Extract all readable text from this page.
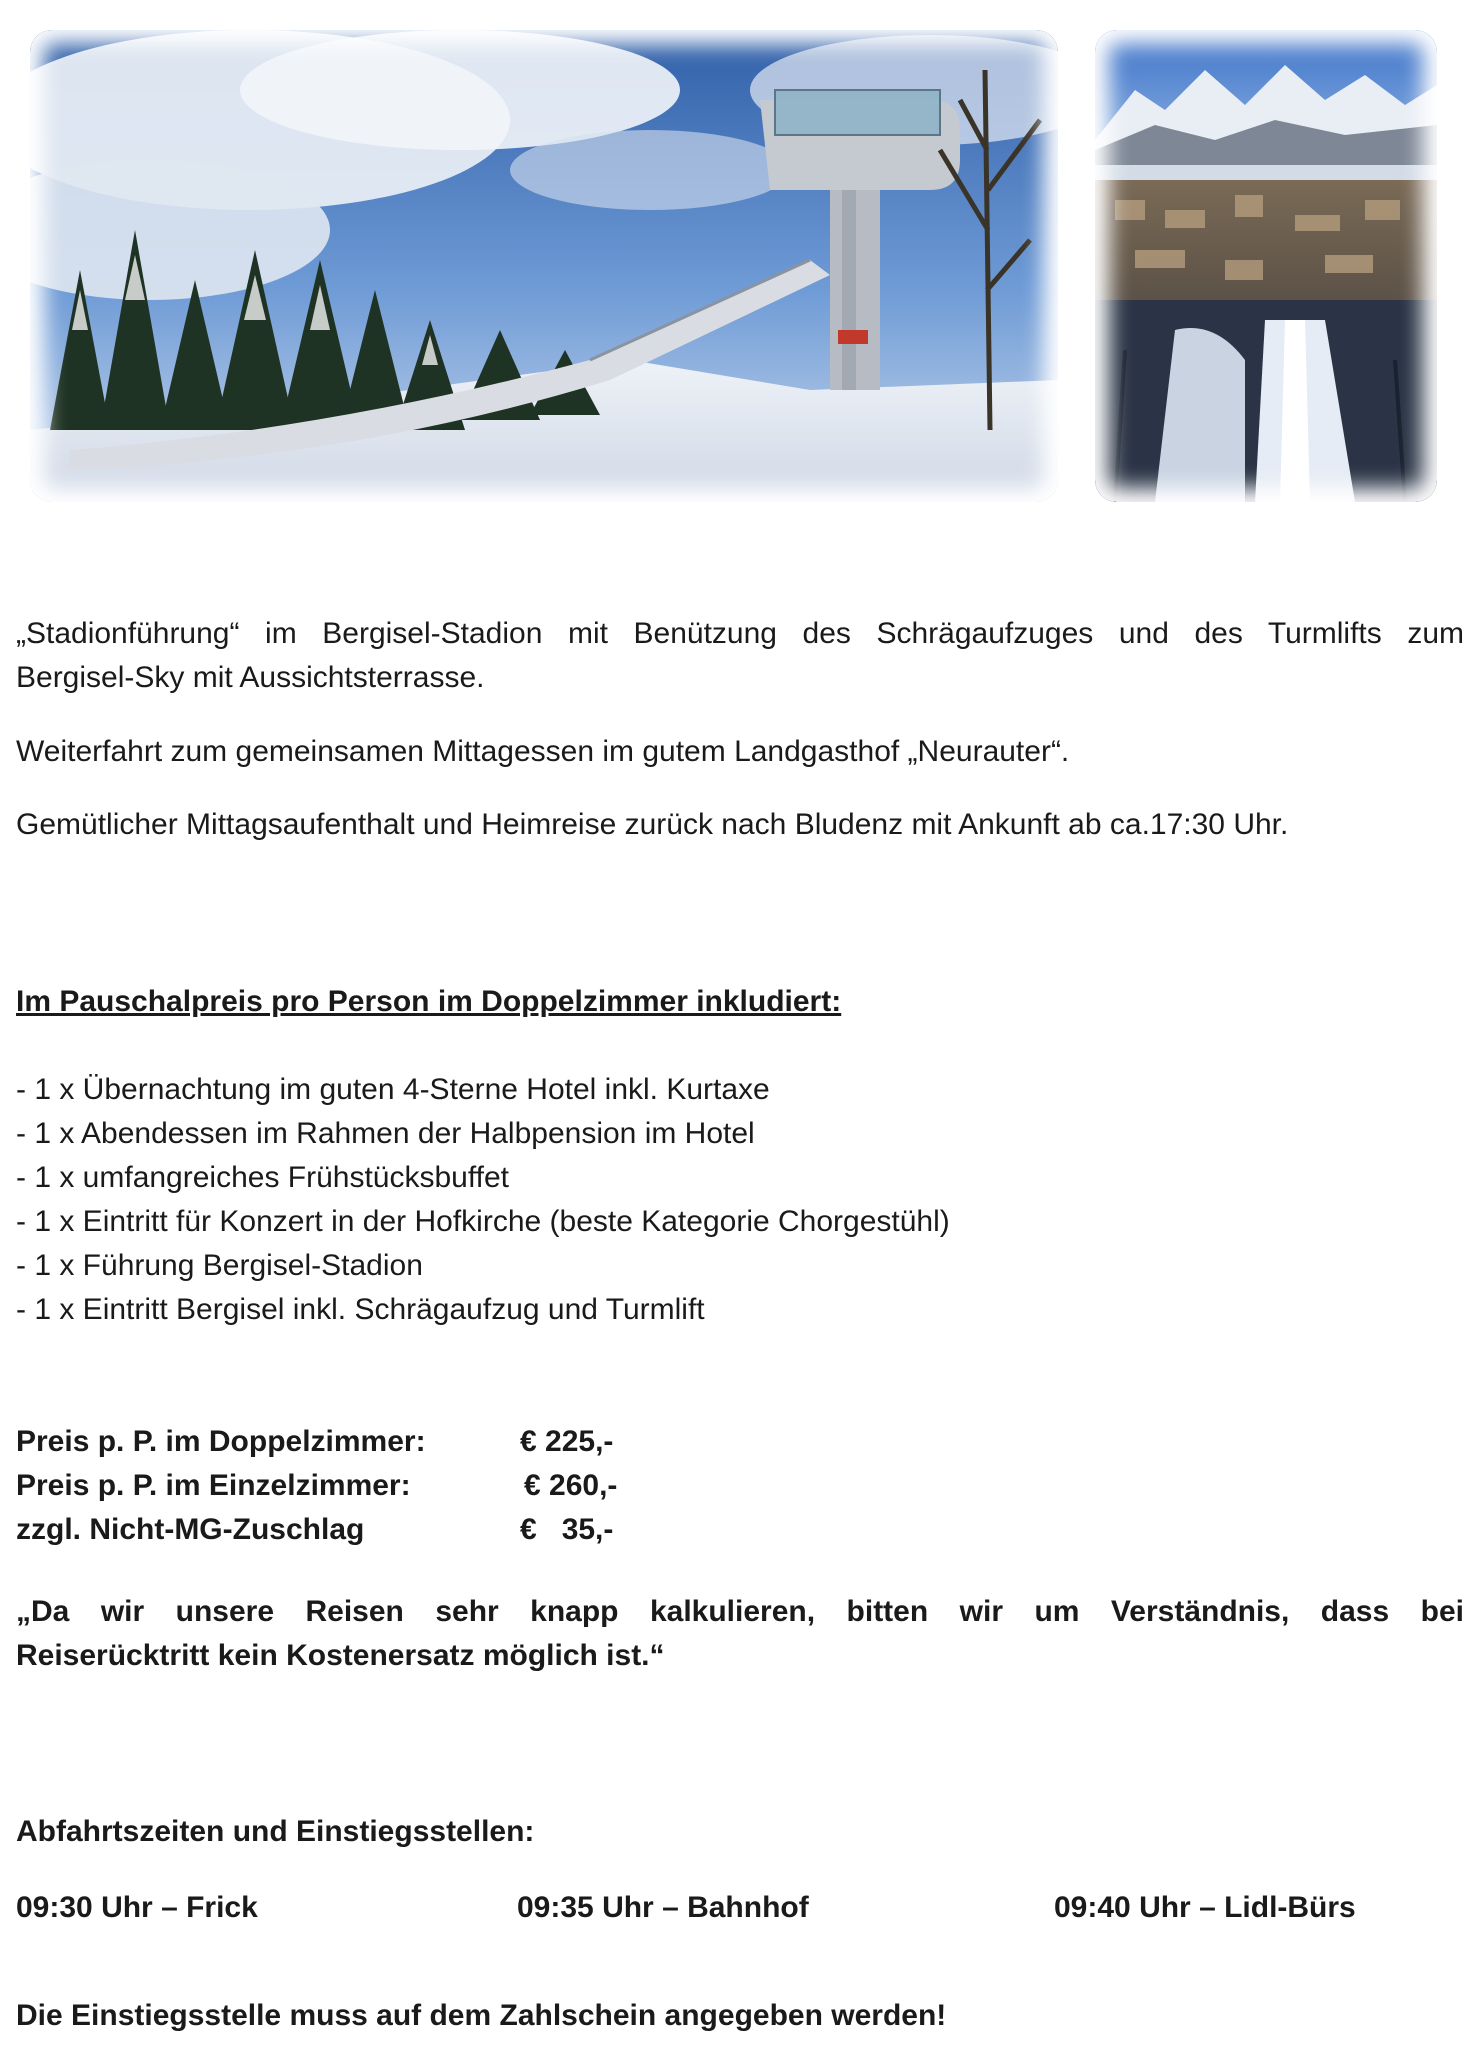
„Stadionführung“ im Bergisel-Stadion mit Benützung des Schrägaufzuges und des Turmlifts zum
Bergisel-Sky mit Aussichtsterrasse.
Weiterfahrt zum gemeinsamen Mittagessen im gutem Landgasthof „Neurauter“.
Gemütlicher Mittagsaufenthalt und Heimreise zurück nach Bludenz mit Ankunft ab ca.17:30 Uhr.
Im Pauschalpreis pro Person im Doppelzimmer inkludiert:
- 1 x Übernachtung im guten 4-Sterne Hotel inkl. Kurtaxe
- 1 x Abendessen im Rahmen der Halbpension im Hotel
- 1 x umfangreiches Frühstücksbuffet
- 1 x Eintritt für Konzert in der Hofkirche (beste Kategorie Chorgestühl)
- 1 x Führung Bergisel-Stadion
- 1 x Eintritt Bergisel inkl. Schrägaufzug und Turmlift
Preis p. P. im Doppelzimmer:	€ 225,-
Preis p. P. im Einzelzimmer:	€ 260,-
zzgl. Nicht-MG-Zuschlag	€   35,-
„Da wir unsere Reisen sehr knapp kalkulieren, bitten wir um Verständnis, dass bei
Reiserücktritt kein Kostenersatz möglich ist.“
Abfahrtszeiten und Einstiegsstellen:
09:30 Uhr – Frick	09:35 Uhr – Bahnhof	09:40 Uhr – Lidl-Bürs
Die Einstiegsstelle muss auf dem Zahlschein angegeben werden!
